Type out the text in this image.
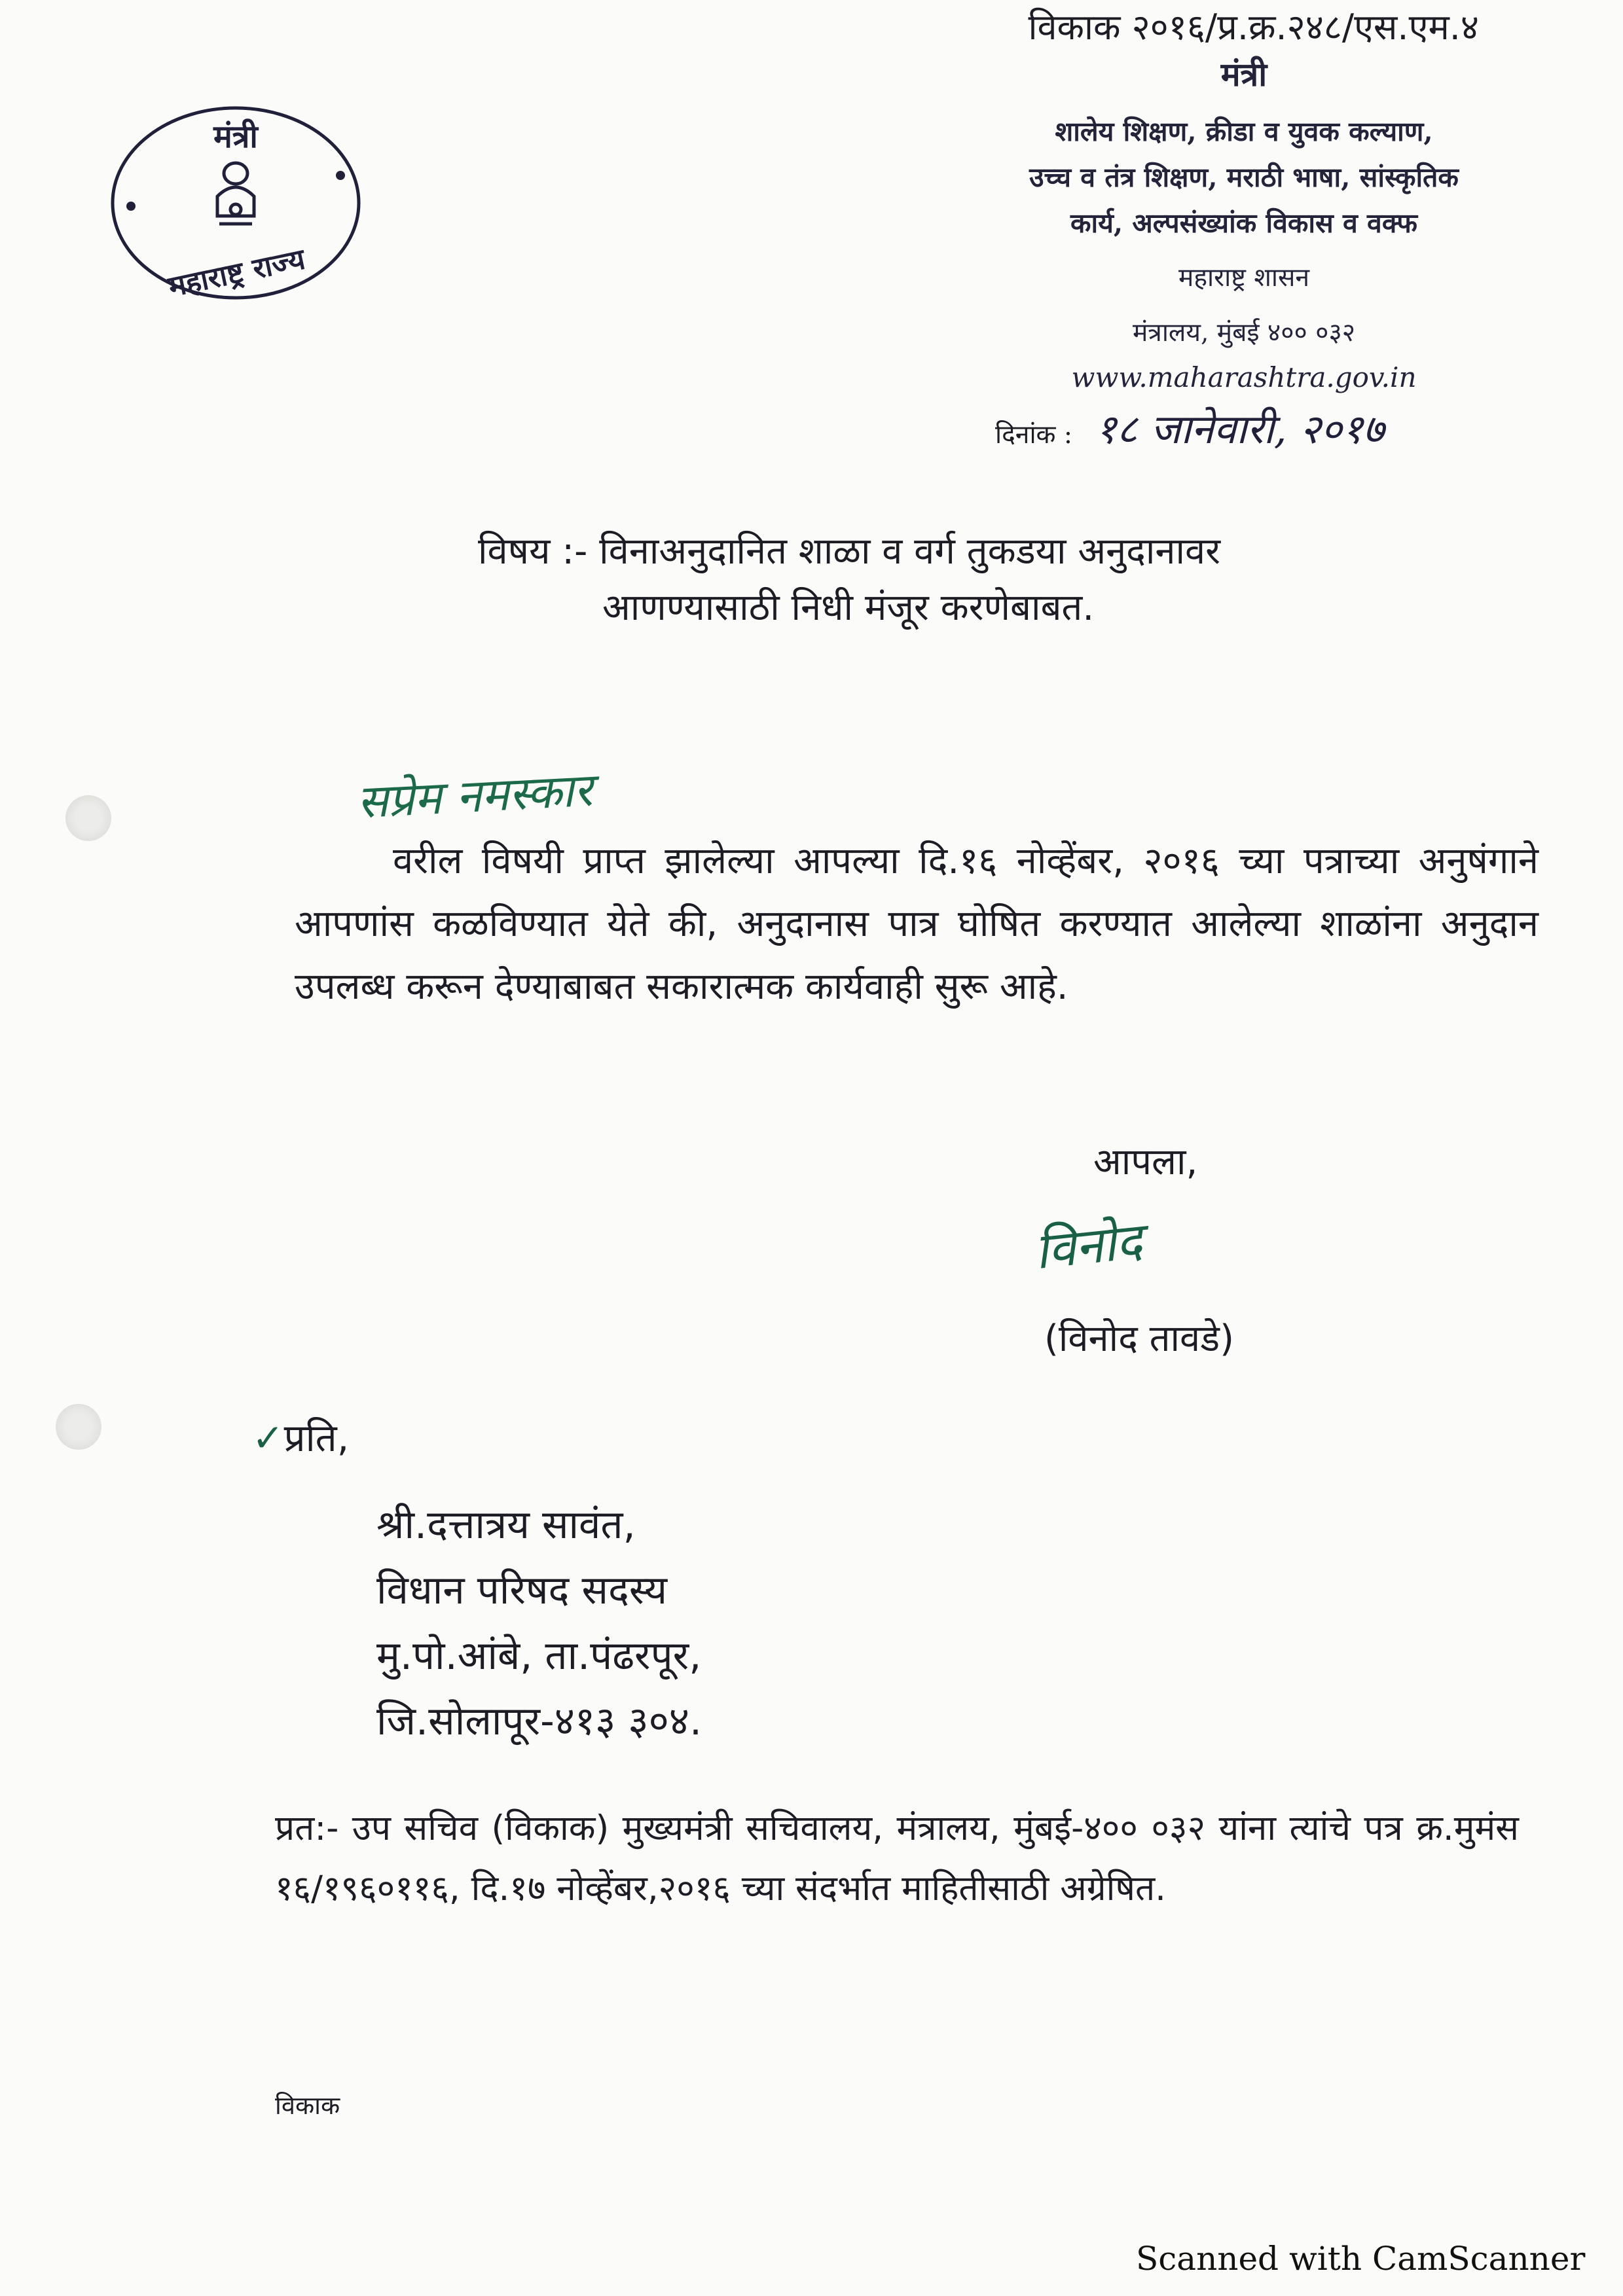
मंत्री
महाराष्ट्र राज्य
विकाक २०१६/प्र.क्र.२४८/एस.एम.४
मंत्री
शालेय शिक्षण, क्रीडा व युवक कल्याण,
उच्च व तंत्र शिक्षण, मराठी भाषा, सांस्कृतिक
कार्य, अल्पसंख्यांक विकास व वक्फ
महाराष्ट्र शासन
मंत्रालय, मुंबई ४०० ०३२
www.maharashtra.gov.in
दिनांक : १८ जानेवारी, २०१७
विषय :- विनाअनुदानित शाळा व वर्ग तुकडया अनुदानावर
आणण्यासाठी निधी मंजूर करणेबाबत.
सप्रेम नमस्कार

वरील विषयी प्राप्त झालेल्या आपल्या दि.१६ नोव्हेंबर, २०१६ च्या पत्राच्या अनुषंगाने आपणांस कळविण्यात येते की, अनुदानास पात्र घोषित करण्यात आलेल्या शाळांना अनुदान उपलब्ध करून देण्याबाबत सकारात्मक कार्यवाही सुरू आहे.

आपला,
विनोद
(विनोद तावडे)
✓प्रति,
श्री.दत्तात्रय सावंत,
विधान परिषद सदस्य
मु.पो.आंबे, ता.पंढरपूर,
जि.सोलापूर-४१३ ३०४.

प्रत:- उप सचिव (विकाक) मुख्यमंत्री सचिवालय, मंत्रालय, मुंबई-४०० ०३२ यांना त्यांचे पत्र क्र.मुमंस १६/१९६०११६, दि.१७ नोव्हेंबर,२०१६ च्या संदर्भात माहितीसाठी अग्रेषित.

विकाक
Scanned with CamScanner
